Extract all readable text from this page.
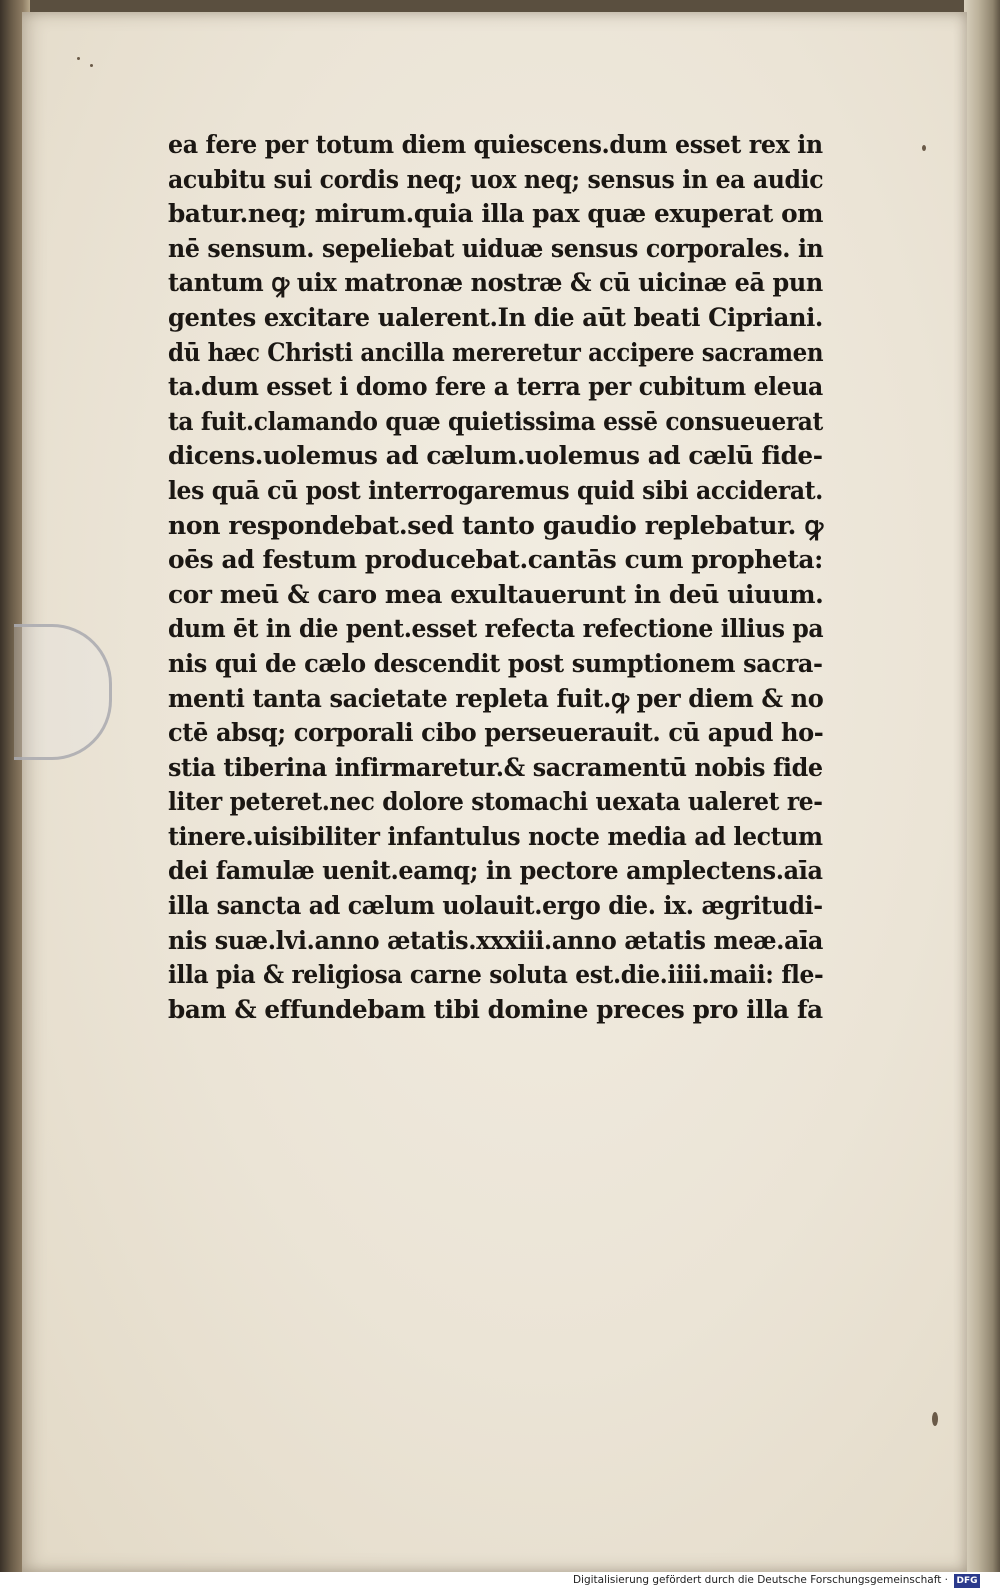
ea fere per totum diem quiescens.dum esset rex in
acubitu sui cordis neq; uox neq; sensus in ea audic
batur.neq; mirum.quia illa pax quæ exuperat om
nē sensum. sepeliebat uiduæ sensus corporales. in
tantum ꝙ uix matronæ nostræ & cū uicinæ eā pun
gentes excitare ualerent.In die aūt beati Cipriani.
dū hæc Christi ancilla mereretur accipere sacramen
ta.dum esset i domo fere a terra per cubitum eleua
ta fuit.clamando quæ quietissima essē consueuerat
dicens.uolemus ad cælum.uolemus ad cælū fide-
les quā cū post interrogaremus quid sibi acciderat.
non respondebat.sed tanto gaudio replebatur. ꝙ
oēs ad festum producebat.cantās cum propheta:
cor meū & caro mea exultauerunt in deū uiuum.
dum ēt in die pent.esset refecta refectione illius pa
nis qui de cælo descendit post sumptionem sacra-
menti tanta sacietate repleta fuit.ꝙ per diem & no
ctē absq; corporali cibo perseuerauit. cū apud ho-
stia tiberina infirmaretur.& sacramentū nobis fide
liter peteret.nec dolore stomachi uexata ualeret re-
tinere.uisibiliter infantulus nocte media ad lectum
dei famulæ uenit.eamq; in pectore amplectens.aīa
illa sancta ad cælum uolauit.ergo die. ix. ægritudi-
nis suæ.lvi.anno ætatis.xxxiii.anno ætatis meæ.aīa
illa pia & religiosa carne soluta est.die.iiii.maii: fle-
bam & effundebam tibi domine preces pro illa fa
Digitalisierung gefördert durch die Deutsche Forschungsgemeinschaft · DFG
